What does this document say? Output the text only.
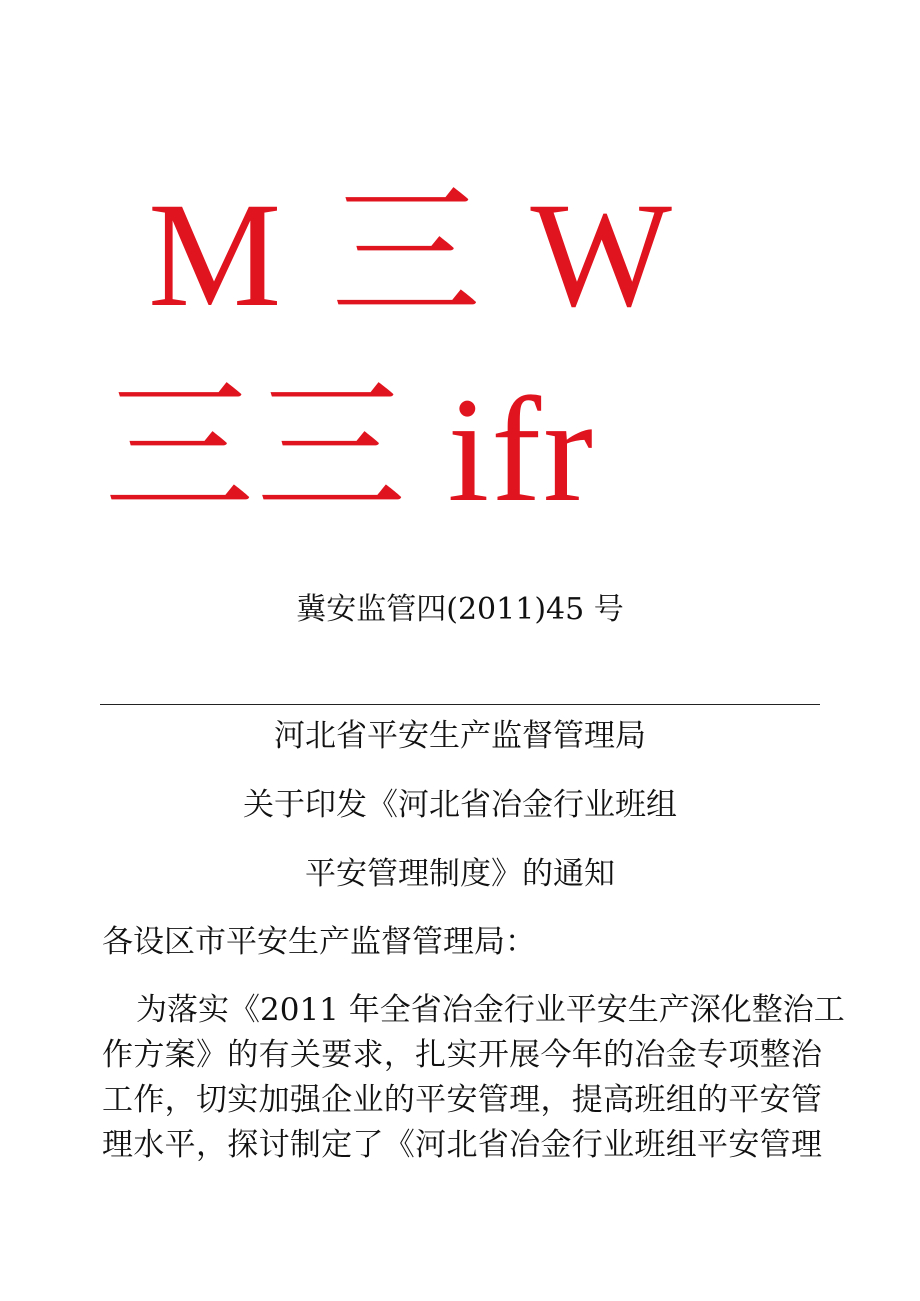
M 三 W
三三 ifr
冀安监管四(2011)45 号
河北省平安生产监督管理局
关于印发《河北省冶金行业班组
平安管理制度》的通知
各设区市平安生产监督管理局：
为落实《2011 年全省冶金行业平安生产深化整治工
作方案》的有关要求，扎实开展今年的冶金专项整治
工作，切实加强企业的平安管理，提高班组的平安管
理水平，探讨制定了《河北省冶金行业班组平安管理
